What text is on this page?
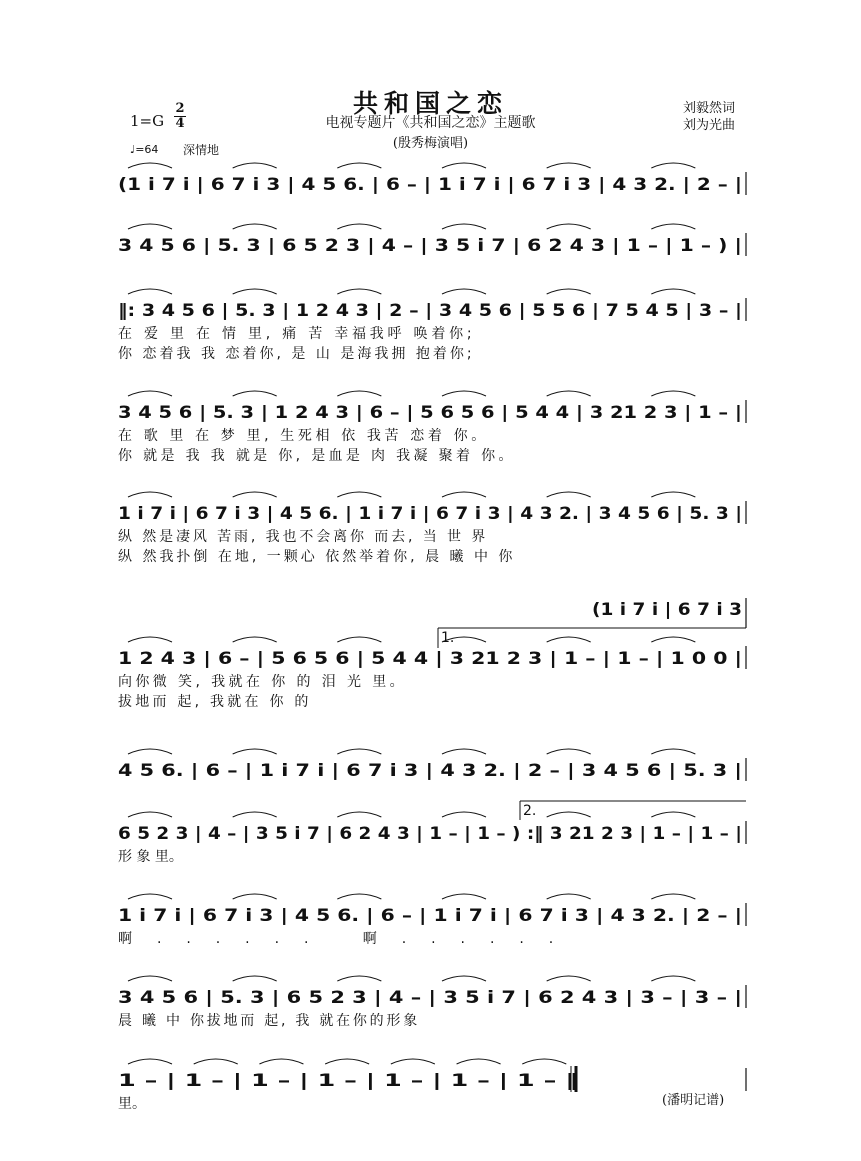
共和国之恋
电视专题片《共和国之恋》主题歌
(殷秀梅演唱)
刘毅然词
刘为光曲
1=G
2
4
♩=64 深情地
(1 i 7 i | 6 7 i 3 | 4 5 6. | 6 – | 1 i 7 i | 6 7 i 3 | 4 3 2. | 2 – |
3 4 5 6 | 5. 3 | 6 5 2 3 | 4 – | 3 5 i 7 | 6 2 4 3 | 1 – | 1 – ) |
‖: 3 4 5 6 | 5. 3 | 1 2 4 3 | 2 – | 3 4 5 6 | 5 5 6 | 7 5 4 5 | 3 – |
在 爱 里 在 情 里, 痛 苦 幸福我呼 唤着你;
你 恋着我 我 恋着你, 是 山 是海我拥 抱着你;
3 4 5 6 | 5. 3 | 1 2 4 3 | 6 – | 5 6 5 6 | 5 4 4 | 3 21 2 3 | 1 – |
在 歌 里 在 梦 里, 生死相 依 我苦 恋着 你。
你 就是 我 我 就是 你, 是血是 肉 我凝 聚着 你。
1 i 7 i | 6 7 i 3 | 4 5 6. | 1 i 7 i | 6 7 i 3 | 4 3 2. | 3 4 5 6 | 5. 3 |
纵 然是凄风 苦雨, 我也不会离你 而去, 当 世 界
纵 然我扑倒 在地, 一颗心 依然举着你, 晨 曦 中 你
1 2 4 3 | 6 – | 5 6 5 6 | 5 4 4 | 3 21 2 3 | 1 – | 1 – | 1 0 0 |
向你微 笑, 我就在 你 的 泪 光 里。
拔地而 起, 我就在 你 的
4 5 6. | 6 – | 1 i 7 i | 6 7 i 3 | 4 3 2. | 2 – | 3 4 5 6 | 5. 3 |
6 5 2 3 | 4 – | 3 5 i 7 | 6 2 4 3 | 1 – | 1 – ) :‖ 3 21 2 3 | 1 – | 1 – |
形 象 里。
1 i 7 i | 6 7 i 3 | 4 5 6. | 6 – | 1 i 7 i | 6 7 i 3 | 4 3 2. | 2 – |
啊...... 啊......
3 4 5 6 | 5. 3 | 6 5 2 3 | 4 – | 3 5 i 7 | 6 2 4 3 | 3 – | 3 – |
晨 曦 中 你拔地而 起, 我 就在你的形象
1 – | 1 – | 1 – | 1 – | 1 – | 1 – | 1 – ‖
里。
(1 i 7 i | 6 7 i 3
1.
2.
(潘明记谱)
